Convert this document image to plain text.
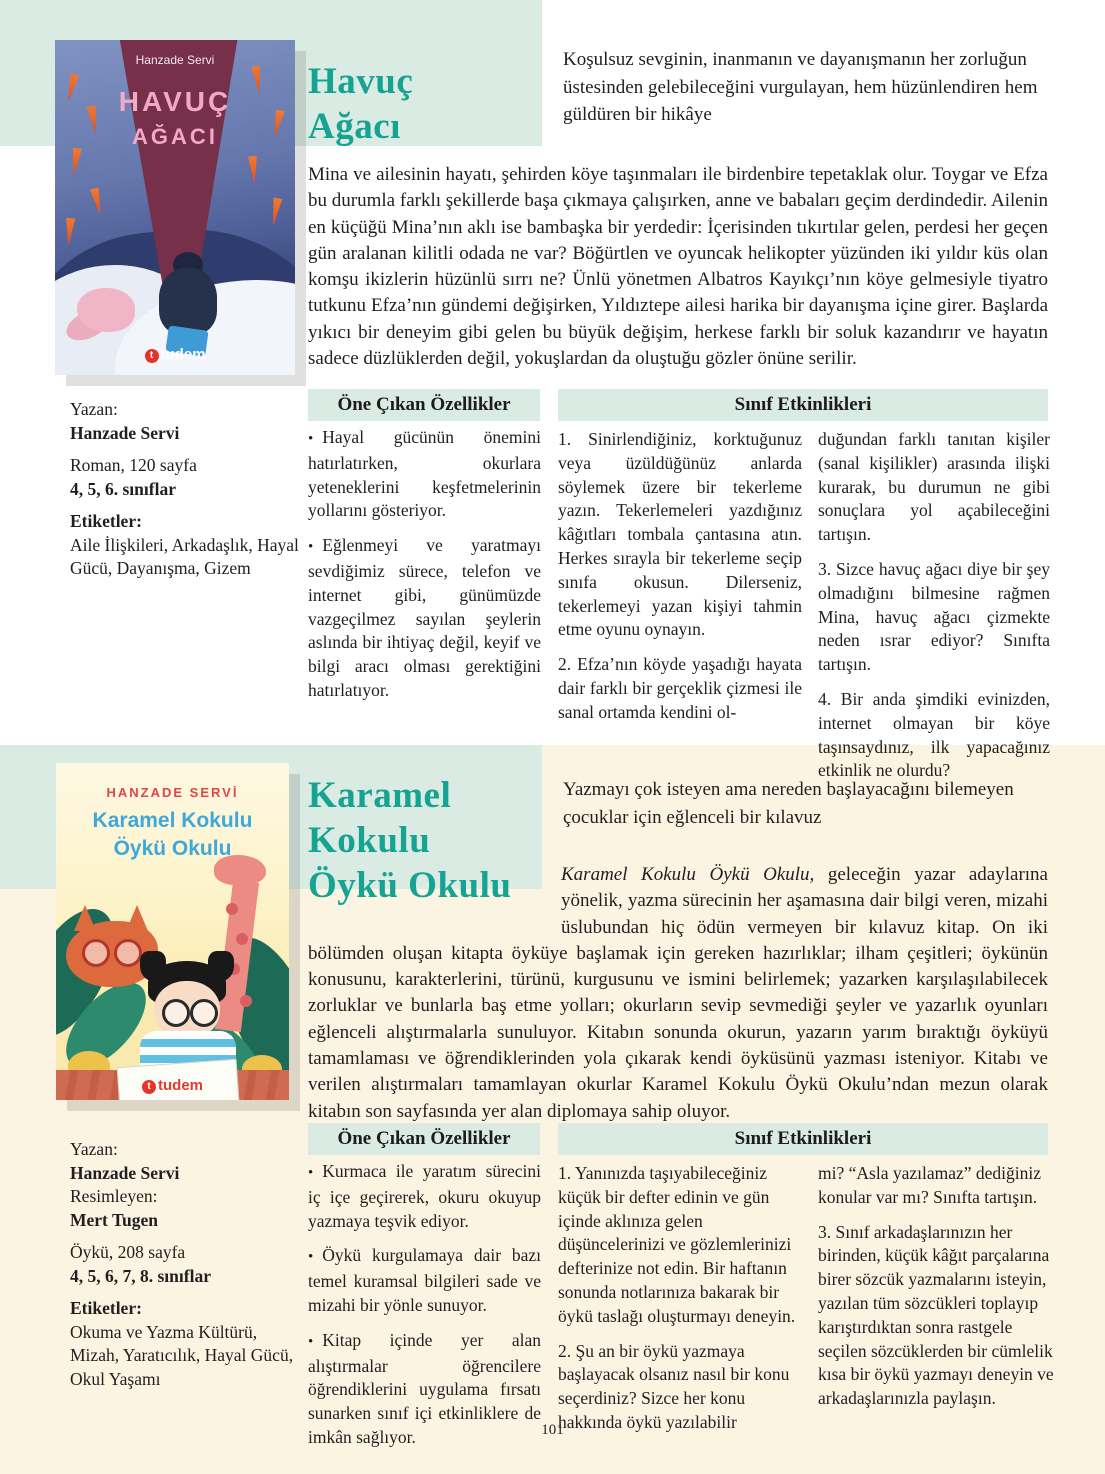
Hanzade Servi
HAVUÇ
AĞACI
t tudem
Havuç
Ağacı
Koşulsuz sevginin, inanmanın ve dayanışmanın her zorluğun üstesinden gelebileceğini vurgulayan, hem hüzünlendiren hem güldüren bir hikâye
Mina ve ailesinin hayatı, şehirden köye taşınmaları ile birdenbire tepetaklak olur. Toygar ve Efza bu durumla farklı şekillerde başa çıkmaya çalışırken, anne ve babaları geçim derdindedir. Ailenin en küçüğü Mina’nın aklı ise bambaşka bir yerdedir: İçerisinden tıkırtılar gelen, perdesi her geçen gün aralanan kilitli odada ne var? Böğürtlen ve oyuncak helikopter yüzünden iki yıldır küs olan komşu ikizlerin hüzünlü sırrı ne? Ünlü yönetmen Albatros Kayıkçı’nın köye gelmesiyle tiyatro tutkunu Efza’nın gündemi değişirken, Yıldıztepe ailesi harika bir dayanışma içine girer. Başlarda yıkıcı bir deneyim gibi gelen bu büyük değişim, herkese farklı bir soluk kazandırır ve hayatın sadece düzlüklerden değil, yokuşlardan da oluştuğu gözler önüne serilir.
Öne Çıkan Özellikler	Sınıf Etkinlikleri

Yazan:

Hanzade Servi

Roman, 120 sayfa

4, 5, 6. sınıflar

Etiketler:

Aile İlişkileri, Arkadaşlık, Hayal Gücü, Dayanışma, Gizem

• Hayal gücünün önemini hatırlatırken, okurlara yeteneklerini keşfetmelerinin yollarını gösteriyor.

• Eğlenmeyi ve yaratmayı sevdiğimiz sürece, telefon ve internet gibi, günümüzde vazgeçilmez sayılan şeylerin aslında bir ihtiyaç değil, keyif ve bilgi aracı olması gerektiğini hatırlatıyor.

1. Sinirlendiğiniz, korktuğunuz veya üzüldüğünüz anlarda söylemek üzere bir tekerleme yazın. Tekerlemeleri yazdığınız kâğıtları tombala çantasına atın. Herkes sırayla bir tekerleme seçip sınıfa okusun. Dilerseniz, tekerlemeyi yazan kişiyi tahmin etme oyunu oynayın.

2. Efza’nın köyde yaşadığı hayata dair farklı bir gerçeklik çizmesi ile sanal ortamda kendini ol-

duğundan farklı tanıtan kişiler (sanal kişilikler) arasında ilişki kurarak, bu durumun ne gibi sonuçlara yol açabileceğini tartışın.

3. Sizce havuç ağacı diye bir şey olmadığını bilmesine rağmen Mina, havuç ağacı çizmekte neden ısrar ediyor? Sınıfta tartışın.

4. Bir anda şimdiki evinizden, internet olmayan bir köye taşınsaydınız, ilk yapacağınız etkinlik ne olurdu?

HANZADE SERVİ
Karamel Kokulu
Öykü Okulu
t tudem
Karamel
Kokulu
Öykü Okulu
Yazmayı çok isteyen ama nereden başlayacağını bilemeyen çocuklar için eğlenceli bir kılavuz
Karamel Kokulu Öykü Okulu, geleceğin yazar adaylarına yönelik, yazma sürecinin her aşamasına dair bilgi veren, mizahi üslubundan hiç ödün vermeyen bir kılavuz kitap. On iki bölümden oluşan kitapta öyküye başlamak için gereken hazırlıklar; ilham çeşitleri; öykünün konusunu, karakterlerini, türünü, kurgusunu ve ismini belirlemek; yazarken karşılaşılabilecek zorluklar ve bunlarla baş etme yolları; okurların sevip sevmediği şeyler ve yazarlık oyunları eğlenceli alıştırmalarla sunuluyor. Kitabın sonunda okurun, yazarın yarım bıraktığı öyküyü tamamlaması ve öğrendiklerinden yola çıkarak kendi öyküsünü yazması isteniyor. Kitabı ve verilen alıştırmaları tamamlayan okurlar Karamel Kokulu Öykü Okulu’ndan mezun olarak kitabın son sayfasında yer alan diplomaya sahip oluyor.
Öne Çıkan Özellikler	Sınıf Etkinlikleri

Yazan:

Hanzade Servi

Resimleyen:

Mert Tugen

Öykü, 208 sayfa

4, 5, 6, 7, 8. sınıflar

Etiketler:

Okuma ve Yazma Kültürü, Mizah, Yaratıcılık, Hayal Gücü, Okul Yaşamı

• Kurmaca ile yaratım sürecini iç içe geçirerek, okuru okuyup yazmaya teşvik ediyor.

• Öykü kurgulamaya dair bazı temel kuramsal bilgileri sade ve mizahi bir yönle sunuyor.

• Kitap içinde yer alan alıştırmalar öğrencilere öğrendiklerini uygulama fırsatı sunarken sınıf içi etkinliklere de imkân sağlıyor.

1. Yanınızda taşıyabileceğiniz küçük bir defter edinin ve gün içinde aklınıza gelen düşüncelerinizi ve gözlemlerinizi defterinize not edin. Bir haftanın sonunda notlarınıza bakarak bir öykü taslağı oluşturmayı deneyin.

2. Şu an bir öykü yazmaya başlayacak olsanız nasıl bir konu seçerdiniz? Sizce her konu hakkında öykü yazılabilir

mi? “Asla yazılamaz” dediğiniz konular var mı? Sınıfta tartışın.

3. Sınıf arkadaşlarınızın her birinden, küçük kâğıt parçalarına birer sözcük yazmalarını isteyin, yazılan tüm sözcükleri toplayıp karıştırdıktan sonra rastgele seçilen sözcüklerden bir cümlelik kısa bir öykü yazmayı deneyin ve arkadaşlarınızla paylaşın.

101
